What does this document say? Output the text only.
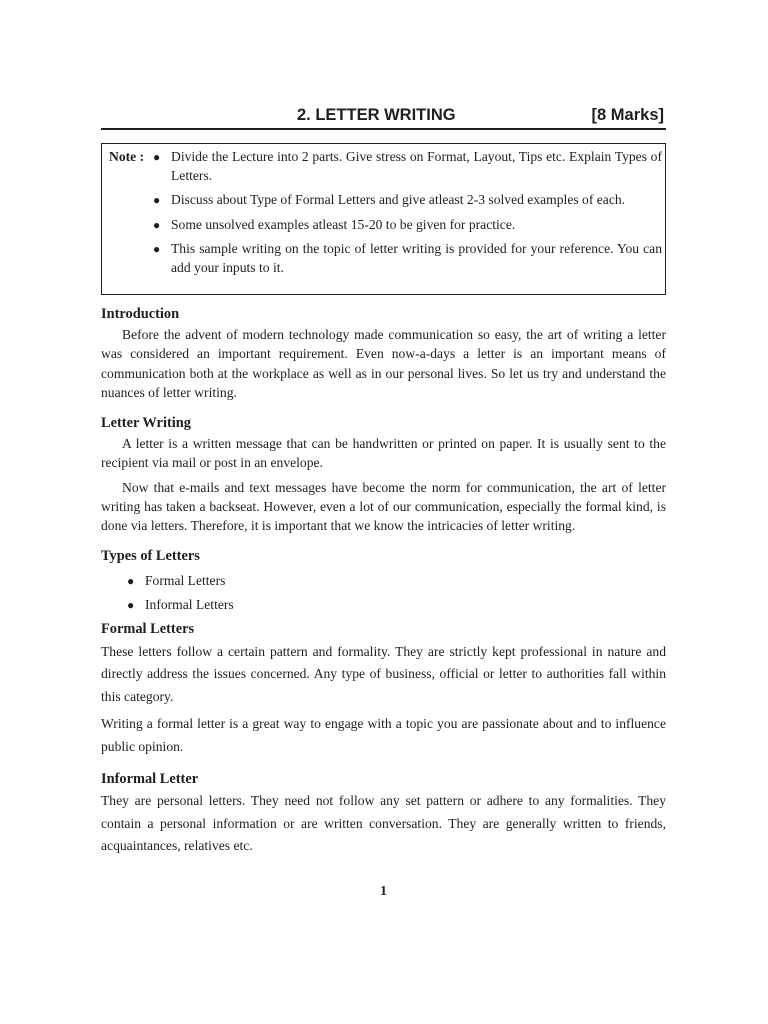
2. LETTER WRITING	[8 Marks]
Note : ● Divide the Lecture into 2 parts. Give stress on Format, Layout, Tips etc. Explain Types of Letters.
● Discuss about Type of Formal Letters and give atleast 2-3 solved examples of each.
● Some unsolved examples atleast 15-20 to be given for practice.
● This sample writing on the topic of letter writing is provided for your reference. You can add your inputs to it.
Introduction

Before the advent of modern technology made communication so easy, the art of writing a letter was considered an important requirement. Even now-a-days a letter is an important means of communication both at the workplace as well as in our personal lives. So let us try and understand the nuances of letter writing.

Letter Writing

A letter is a written message that can be handwritten or printed on paper. It is usually sent to the recipient via mail or post in an envelope.

Now that e-mails and text messages have become the norm for communication, the art of letter writing has taken a backseat. However, even a lot of our communication, especially the formal kind, is done via letters. Therefore, it is important that we know the intricacies of letter writing.

Types of Letters
● Formal Letters
● Informal Letters
Formal Letters

These letters follow a certain pattern and formality. They are strictly kept professional in nature and directly address the issues concerned. Any type of business, official or letter to authorities fall within this category.

Writing a formal letter is a great way to engage with a topic you are passionate about and to influence public opinion.

Informal Letter

They are personal letters. They need not follow any set pattern or adhere to any formalities. They contain a personal information or are written conversation. They are generally written to friends, acquaintances, relatives etc.

1
